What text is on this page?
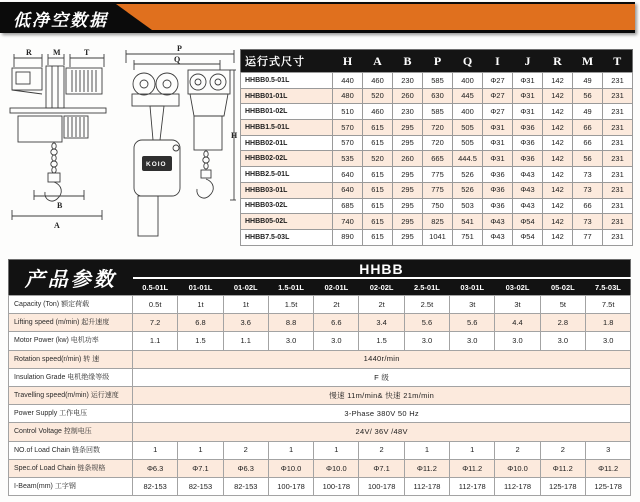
低净空数据
KOIO
R	M	T
B
A
P
Q
H
运行式尺寸	H	A	B	P	Q	I	J	R	M	T
HHBB0.5-01L	440	460	230	585	400	Φ27	Φ31	142	49	231
HHBB01-01L	480	520	260	630	445	Φ27	Φ31	142	56	231
HHBB01-02L	510	460	230	585	400	Φ27	Φ31	142	49	231
HHBB1.5-01L	570	615	295	720	505	Φ31	Φ36	142	66	231
HHBB02-01L	570	615	295	720	505	Φ31	Φ36	142	66	231
HHBB02-02L	535	520	260	665	444.5	Φ31	Φ36	142	56	231
HHBB2.5-01L	640	615	295	775	526	Φ36	Φ43	142	73	231
HHBB03-01L	640	615	295	775	526	Φ36	Φ43	142	73	231
HHBB03-02L	685	615	295	750	503	Φ36	Φ43	142	66	231
HHBB05-02L	740	615	295	825	541	Φ43	Φ54	142	73	231
HHBB7.5-03L	890	615	295	1041	751	Φ43	Φ54	142	77	231
产品参数	HHBB										
	0.5-01L	01-01L	01-02L	1.5-01L	02-01L	02-02L	2.5-01L	03-01L	03-02L	05-02L	7.5-03L
Capacity (Ton) 额定荷载	0.5t	1t	1t	1.5t	2t	2t	2.5t	3t	3t	5t	7.5t
Lifting speed (m/min) 起升速度	7.2	6.8	3.6	8.8	6.6	3.4	5.6	5.6	4.4	2.8	1.8
Motor Power (kw) 电机功率	1.1	1.5	1.1	3.0	3.0	1.5	3.0	3.0	3.0	3.0	3.0
Rotation speed(r/min) 转 速	1440r/min										
Insulation Grade 电机绝缘等级	F 级										
Travelling speed(m/min) 运行速度	慢速 11m/min& 快速 21m/min										
Power Supply 工作电压	3-Phase 380V 50 Hz										
Control Voltage 控制电压	24V/ 36V /48V										
NO.of Load Chain 链条回数	1	1	2	1	1	2	1	1	2	2	3
Spec.of Load Chain 链条规格	Φ6.3	Φ7.1	Φ6.3	Φ10.0	Φ10.0	Φ7.1	Φ11.2	Φ11.2	Φ10.0	Φ11.2	Φ11.2
I-Beam(mm) 工字钢	82-153	82-153	82-153	100-178	100-178	100-178	112-178	112-178	112-178	125-178	125-178
